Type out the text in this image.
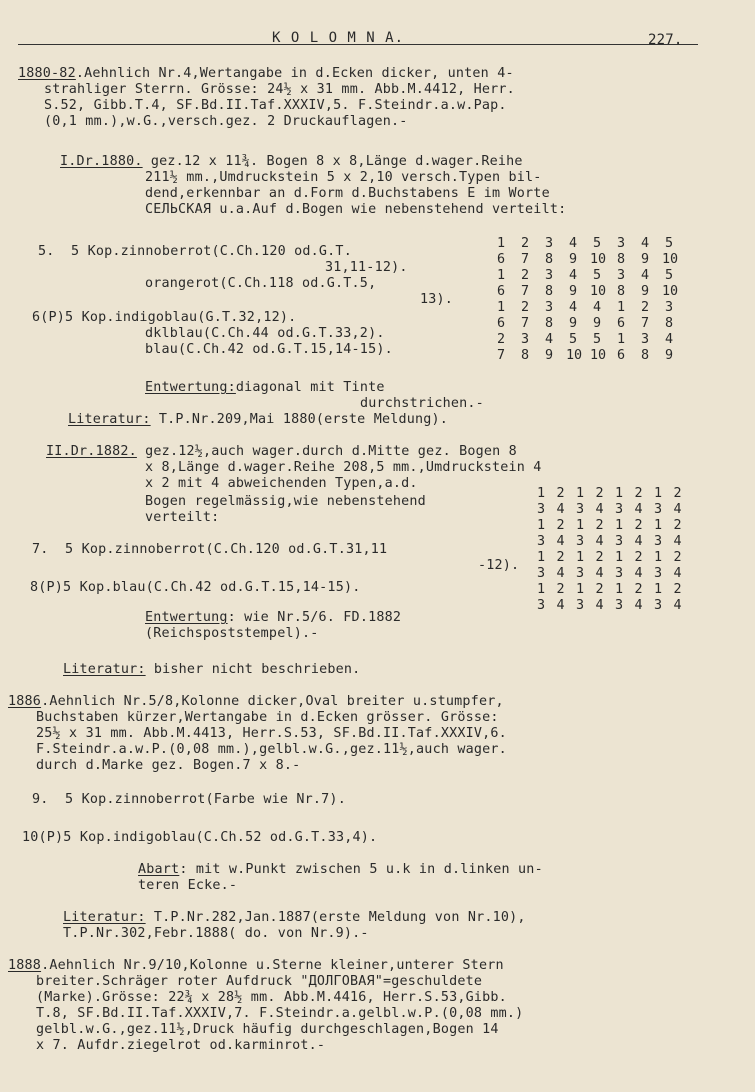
K O L O M N A.	227.
1880-82.Aehnlich Nr.4,Wertangabe in d.Ecken dicker, unten 4-
strahliger Sterrn. Grösse: 24½ x 31 mm. Abb.M.4412, Herr.
S.52, Gibb.T.4, SF.Bd.II.Taf.XXXIV,5. F.Steindr.a.w.Pap.
(0,1 mm.),w.G.,versch.gez. 2 Druckauflagen.-
I.Dr.1880. gez.12 x 11¾. Bogen 8 x 8,Länge d.wager.Reihe
211½ mm.,Umdruckstein 5 x 2,10 versch.Typen bil-
dend,erkennbar an d.Form d.Buchstabens E im Worte
СЕЛЬСКАЯ u.a.Auf d.Bogen wie nebenstehend verteilt:
5.  5 Kop.zinnoberrot(C.Ch.120 od.G.T.
31,11-12).
orangerot(C.Ch.118 od.G.T.5,
13).
6(P)5 Kop.indigoblau(G.T.32,12).
dklblau(C.Ch.44 od.G.T.33,2).
blau(C.Ch.42 od.G.T.15,14-15).
Entwertung:diagonal mit Tinte
durchstrichen.-
Literatur: T.P.Nr.209,Mai 1880(erste Meldung).
II.Dr.1882. gez.12½,auch wager.durch d.Mitte gez. Bogen 8
x 8,Länge d.wager.Reihe 208,5 mm.,Umdruckstein 4
x 2 mit 4 abweichenden Typen,a.d.
Bogen regelmässig,wie nebenstehend
verteilt:
7.  5 Kop.zinnoberrot(C.Ch.120 od.G.T.31,11
-12).
8(P)5 Kop.blau(C.Ch.42 od.G.T.15,14-15).
Entwertung: wie Nr.5/6. FD.1882
(Reichspoststempel).-
Literatur: bisher nicht beschrieben.
1886.Aehnlich Nr.5/8,Kolonne dicker,Oval breiter u.stumpfer,
Buchstaben kürzer,Wertangabe in d.Ecken grösser. Grösse:
25½ x 31 mm. Abb.M.4413, Herr.S.53, SF.Bd.II.Taf.XXXIV,6.
F.Steindr.a.w.P.(0,08 mm.),gelbl.w.G.,gez.11½,auch wager.
durch d.Marke gez. Bogen.7 x 8.-
9.  5 Kop.zinnoberrot(Farbe wie Nr.7).
10(P)5 Kop.indigoblau(C.Ch.52 od.G.T.33,4).
Abart: mit w.Punkt zwischen 5 u.k in d.linken un-
teren Ecke.-
Literatur: T.P.Nr.282,Jan.1887(erste Meldung von Nr.10),
T.P.Nr.302,Febr.1888( do. von Nr.9).-
1888.Aehnlich Nr.9/10,Kolonne u.Sterne kleiner,unterer Stern
breiter.Schräger roter Aufdruck "ДОЛГОВАЯ"=geschuldete
(Marke).Grösse: 22¾ x 28½ mm. Abb.M.4416, Herr.S.53,Gibb.
T.8, SF.Bd.II.Taf.XXXIV,7. F.Steindr.a.gelbl.w.P.(0,08 mm.)
gelbl.w.G.,gez.11½,Druck häufig durchgeschlagen,Bogen 14
x 7. Aufdr.ziegelrot od.karminrot.-
1 2 3 4 5 3 4 5
6 7 8 9 10 8 9 10
1 2 3 4 5 3 4 5
6 7 8 9 10 8 9 10
1 2 3 4 4 1 2 3
6 7 8 9 9 6 7 8
2 3 4 5 5 1 3 4
7 8 9 10 10 6 8 9
1 2 1 2 1 2 1 2
3 4 3 4 3 4 3 4
1 2 1 2 1 2 1 2
3 4 3 4 3 4 3 4
1 2 1 2 1 2 1 2
3 4 3 4 3 4 3 4
1 2 1 2 1 2 1 2
3 4 3 4 3 4 3 4
